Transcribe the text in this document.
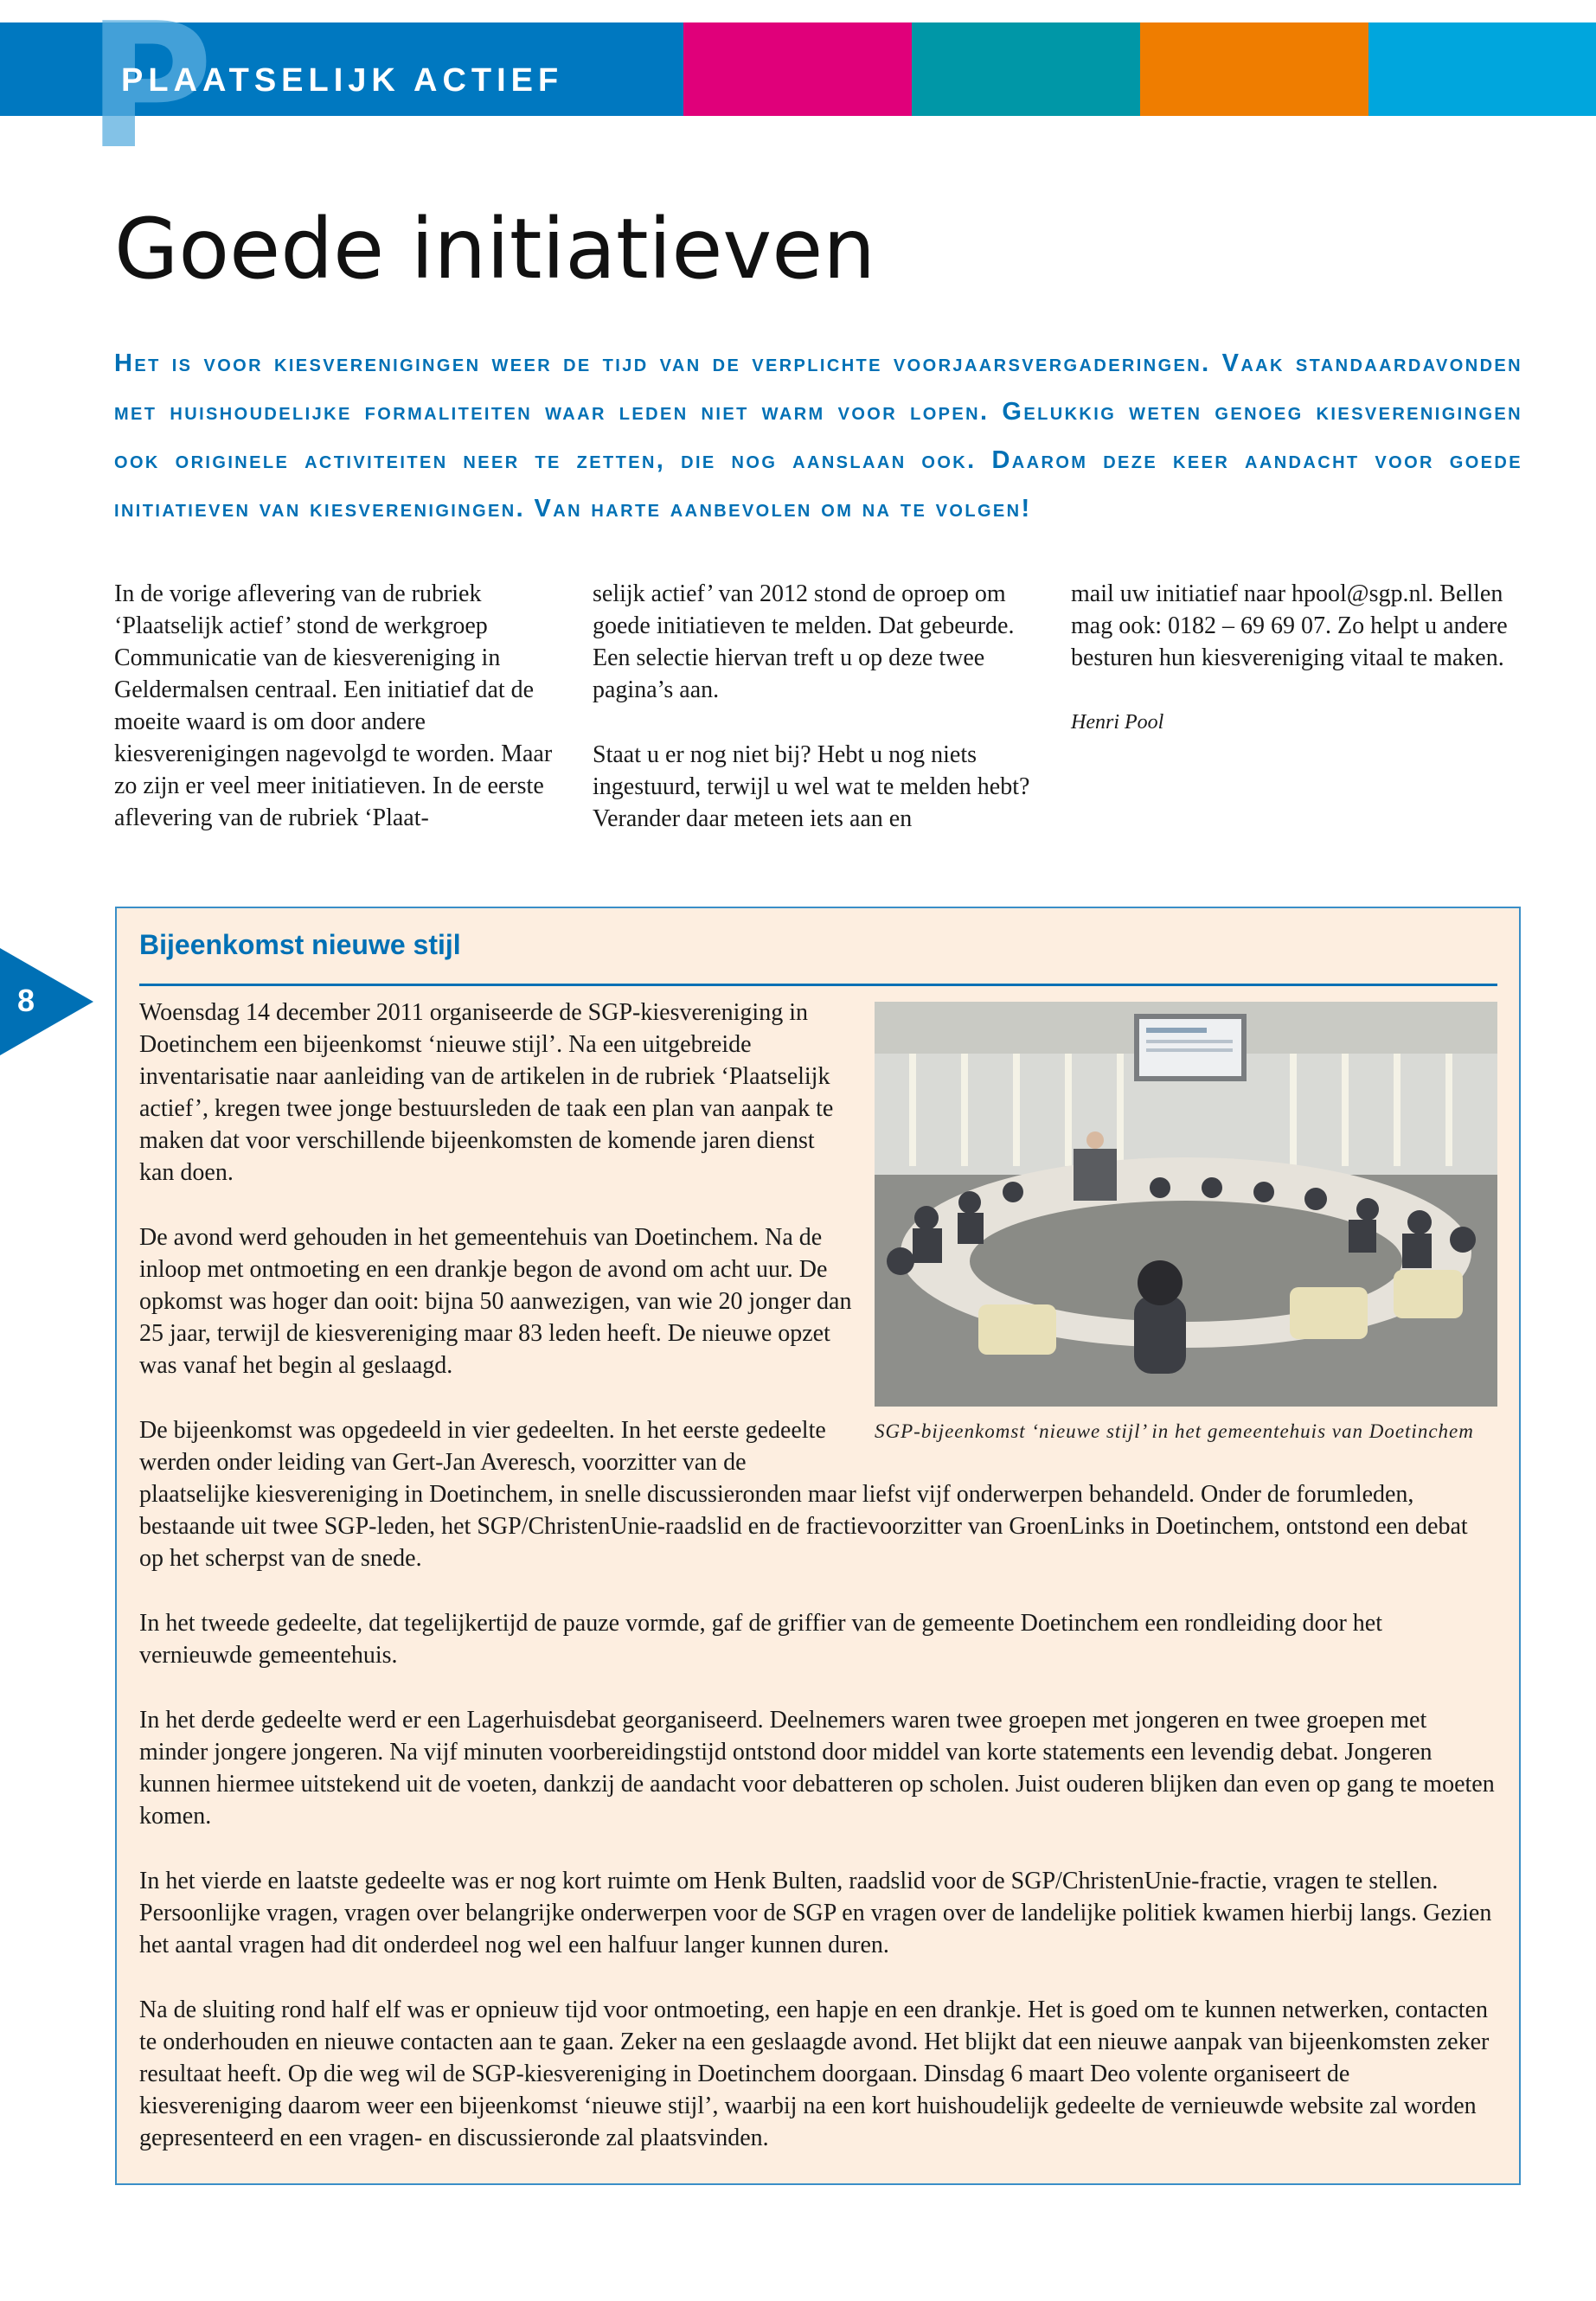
P
PLAATSELIJK ACTIEF
Goede initiatieven

Het is voor kiesverenigingen weer de tijd van de verplichte voorjaarsvergaderingen. Vaak standaardavonden met huishoudelijke formaliteiten waar leden niet warm voor lopen. Gelukkig weten genoeg kiesverenigingen ook originele activiteiten neer te zetten, die nog aanslaan ook. Daarom deze keer aandacht voor goede initiatieven van kiesverenigingen. Van harte aanbevolen om na te volgen!

In de vorige aflevering van de rubriek ‘Plaatselijk actief’ stond de werkgroep Communicatie van de kiesvereniging in Geldermalsen centraal. Een initiatief dat de moeite waard is om door andere kiesverenigingen nagevolgd te worden. Maar zo zijn er veel meer initiatieven. In de eerste aflevering van de rubriek ‘Plaat-

selijk actief’ van 2012 stond de oproep om goede initiatieven te melden. Dat gebeurde. Een selectie hiervan treft u op deze twee pagina’s aan.

Staat u er nog niet bij? Hebt u nog niets ingestuurd, terwijl u wel wat te melden hebt? Verander daar meteen iets aan en

mail uw initiatief naar hpool@sgp.nl. Bellen mag ook: 0182 – 69 69 07. Zo helpt u andere besturen hun kiesvereniging vitaal te maken.

Henri Pool

8
Bijeenkomst nieuwe stijl

SGP-bijeenkomst ‘nieuwe stijl’ in het gemeentehuis van Doetinchem

Woensdag 14 december 2011 organiseerde de SGP-kiesvereniging in Doetinchem een bijeenkomst ‘nieuwe stijl’. Na een uitgebreide inventarisatie naar aanleiding van de artikelen in de rubriek ‘Plaatselijk actief’, kregen twee jonge bestuursleden de taak een plan van aanpak te maken dat voor verschillende bijeenkomsten de komende jaren dienst kan doen.

De avond werd gehouden in het gemeentehuis van Doetinchem. Na de inloop met ontmoeting en een drankje begon de avond om acht uur. De opkomst was hoger dan ooit: bijna 50 aanwezigen, van wie 20 jonger dan 25 jaar, terwijl de kiesvereniging maar 83 leden heeft. De nieuwe opzet was vanaf het begin al geslaagd.

De bijeenkomst was opgedeeld in vier gedeelten. In het eerste gedeelte werden onder leiding van Gert-Jan Averesch, voorzitter van de plaatselijke kiesvereniging in Doetinchem, in snelle discussieronden maar liefst vijf onderwerpen behandeld. Onder de forumleden, bestaande uit twee SGP-leden, het SGP/ChristenUnie-raadslid en de fractievoorzitter van GroenLinks in Doetinchem, ontstond een debat op het scherpst van de snede.

In het tweede gedeelte, dat tegelijkertijd de pauze vormde, gaf de griffier van de gemeente Doetinchem een rondleiding door het vernieuwde gemeentehuis.

In het derde gedeelte werd er een Lagerhuisdebat georganiseerd. Deelnemers waren twee groepen met jongeren en twee groepen met minder jongere jongeren. Na vijf minuten voorbereidingstijd ontstond door middel van korte statements een levendig debat. Jongeren kunnen hiermee uitstekend uit de voeten, dankzij de aandacht voor debatteren op scholen. Juist ouderen blijken dan even op gang te moeten komen.

In het vierde en laatste gedeelte was er nog kort ruimte om Henk Bulten, raadslid voor de SGP/ChristenUnie-fractie, vragen te stellen. Persoonlijke vragen, vragen over belangrijke onderwerpen voor de SGP en vragen over de landelijke politiek kwamen hierbij langs. Gezien het aantal vragen had dit onderdeel nog wel een halfuur langer kunnen duren.

Na de sluiting rond half elf was er opnieuw tijd voor ontmoeting, een hapje en een drankje. Het is goed om te kunnen netwerken, contacten te onderhouden en nieuwe contacten aan te gaan. Zeker na een geslaagde avond. Het blijkt dat een nieuwe aanpak van bijeenkomsten zeker resultaat heeft. Op die weg wil de SGP-kiesvereniging in Doetinchem doorgaan. Dinsdag 6 maart Deo volente organiseert de kiesvereniging daarom weer een bijeenkomst ‘nieuwe stijl’, waarbij na een kort huishoudelijk gedeelte de vernieuwde website zal worden gepresenteerd en een vragen- en discussieronde zal plaatsvinden.
